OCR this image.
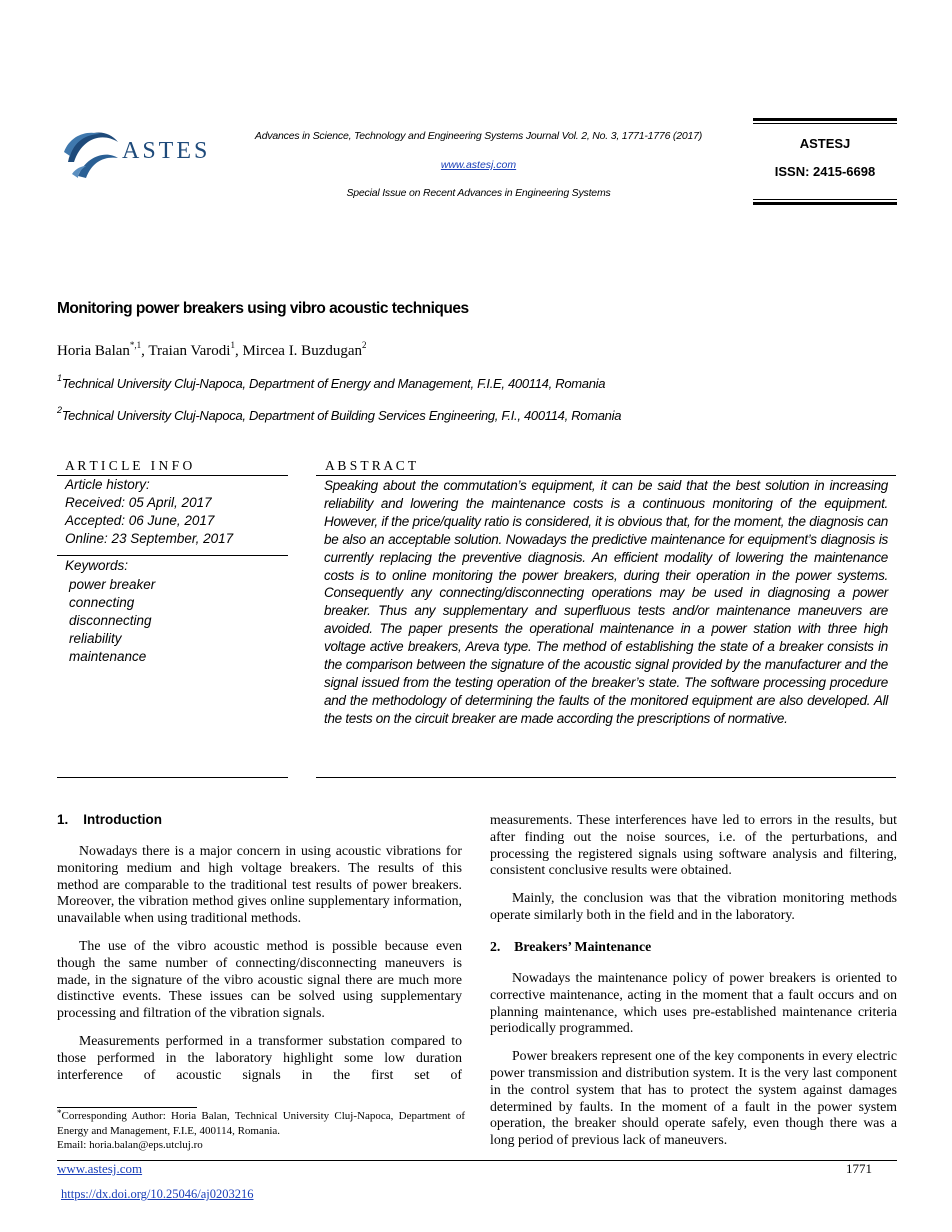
ASTES
Advances in Science, Technology and Engineering Systems Journal Vol. 2, No. 3, 1771-1776 (2017)
www.astesj.com
Special Issue on Recent Advances in Engineering Systems
ASTESJ
ISSN: 2415-6698
Monitoring power breakers using vibro acoustic techniques
Horia Balan$^{*,1}$, Traian Varodi$^1$, Mircea I. Buzdugan$^2$
$^1$Technical University Cluj-Napoca, Department of Energy and Management, F.I.E, 400114, Romania
$^2$Technical University Cluj-Napoca, Department of Building Services Engineering, F.I., 400114, Romania
A R T I C L E   I N F O
Article history:
Received: 05 April, 2017
Accepted: 06 June, 2017
Online: 23 September, 2017
Keywords:
power breaker
connecting
disconnecting
reliability
maintenance
A B S T R A C T
Speaking about the commutation’s equipment, it can be said that the best solution in increasing reliability and lowering the maintenance costs is a continuous monitoring of the equipment. However, if the price/quality ratio is considered, it is obvious that, for the moment, the diagnosis can be also an acceptable solution. Nowadays the predictive maintenance for equipment’s diagnosis is currently replacing the preventive diagnosis. An efficient modality of lowering the maintenance costs is to online monitoring the power breakers, during their operation in the power systems. Consequently any connecting/disconnecting operations may be used in diagnosing a power breaker. Thus any supplementary and superfluous tests and/or maintenance maneuvers are avoided. The paper presents the operational maintenance in a power station with three high voltage active breakers, Areva type. The method of establishing the state of a breaker consists in the comparison between the signature of the acoustic signal provided by the manufacturer and the signal issued from the testing operation of the breaker’s state. The software processing procedure and the methodology of determining the faults of the monitored equipment are also developed. All the tests on the circuit breaker are made according the prescriptions of normative.
1.    Introduction

Nowadays there is a major concern in using acoustic vibrations for monitoring medium and high voltage breakers. The results of this method are comparable to the traditional test results of power breakers. Moreover, the vibration method gives online supplementary information, unavailable when using traditional methods.

The use of the vibro acoustic method is possible because even though the same number of connecting/disconnecting maneuvers is made, in the signature of the vibro acoustic signal there are much more distinctive events. These issues can be solved using supplementary processing and filtration of the vibration signals.

Measurements performed in a transformer substation compared to those performed in the laboratory highlight some low duration interference of acoustic signals in the first set of

*Corresponding Author: Horia Balan, Technical University Cluj-Napoca, Department of Energy and Management, F.I.E, 400114, Romania.
Email: horia.balan@eps.utcluj.ro

measurements. These interferences have led to errors in the results, but after finding out the noise sources, i.e. of the perturbations, and processing the registered signals using software analysis and filtering, consistent conclusive results were obtained.

Mainly, the conclusion was that the vibration monitoring methods operate similarly both in the field and in the laboratory.

2.    Breakers’ Maintenance

Nowadays the maintenance policy of power breakers is oriented to corrective maintenance, acting in the moment that a fault occurs and on planning maintenance, which uses pre-established maintenance criteria periodically programmed.

Power breakers represent one of the key components in every electric power transmission and distribution system. It is the very last component in the control system that has to protect the system against damages determined by faults. In the moment of a fault in the power system operation, the breaker should operate safely, even though there was a long period of previous lack of maneuvers.

www.astesj.com	1771
https://dx.doi.org/10.25046/aj0203216
